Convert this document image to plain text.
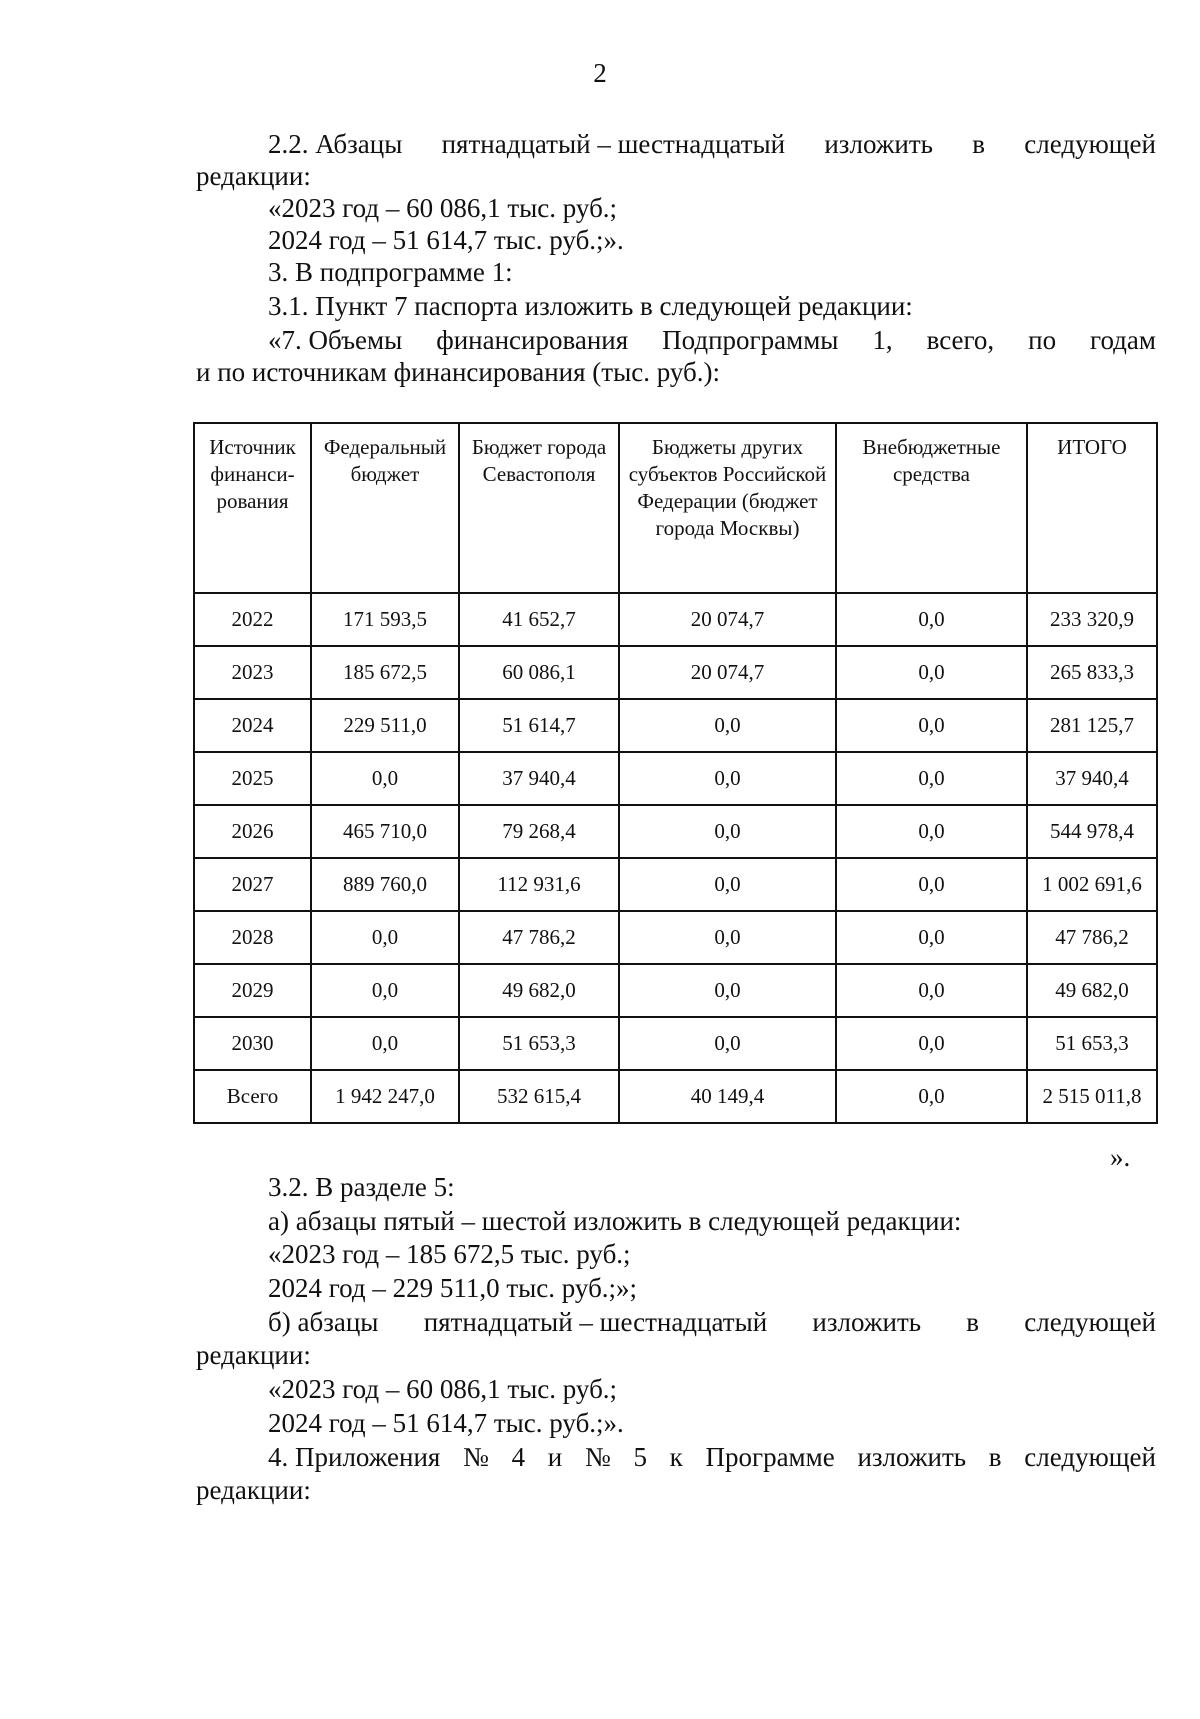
2
2.2. Абзацы пятнадцатый – шестнадцатый изложить в следующей
редакции:
«2023 год – 60 086,1 тыс. руб.;
2024 год – 51 614,7 тыс. руб.;».
3. В подпрограмме 1:
3.1. Пункт 7 паспорта изложить в следующей редакции:
«7. Объемы финансирования Подпрограммы 1, всего, по годам
и по источникам финансирования (тыс. руб.):
Источник финанси-рования	Федеральный бюджет	Бюджет города Севастополя	Бюджеты других субъектов Российской Федерации (бюджет города Москвы)	Внебюджетные средства	ИТОГО
2022	171 593,5	41 652,7	20 074,7	0,0	233 320,9
2023	185 672,5	60 086,1	20 074,7	0,0	265 833,3
2024	229 511,0	51 614,7	0,0	0,0	281 125,7
2025	0,0	37 940,4	0,0	0,0	37 940,4
2026	465 710,0	79 268,4	0,0	0,0	544 978,4
2027	889 760,0	112 931,6	0,0	0,0	1 002 691,6
2028	0,0	47 786,2	0,0	0,0	47 786,2
2029	0,0	49 682,0	0,0	0,0	49 682,0
2030	0,0	51 653,3	0,0	0,0	51 653,3
Всего	1 942 247,0	532 615,4	40 149,4	0,0	2 515 011,8
».
3.2. В разделе 5:
а) абзацы пятый – шестой изложить в следующей редакции:
«2023 год – 185 672,5 тыс. руб.;
2024 год – 229 511,0 тыс. руб.;»;
б) абзацы пятнадцатый – шестнадцатый изложить в следующей
редакции:
«2023 год – 60 086,1 тыс. руб.;
2024 год – 51 614,7 тыс. руб.;».
4. Приложения № 4 и № 5 к Программе изложить в следующей
редакции:
